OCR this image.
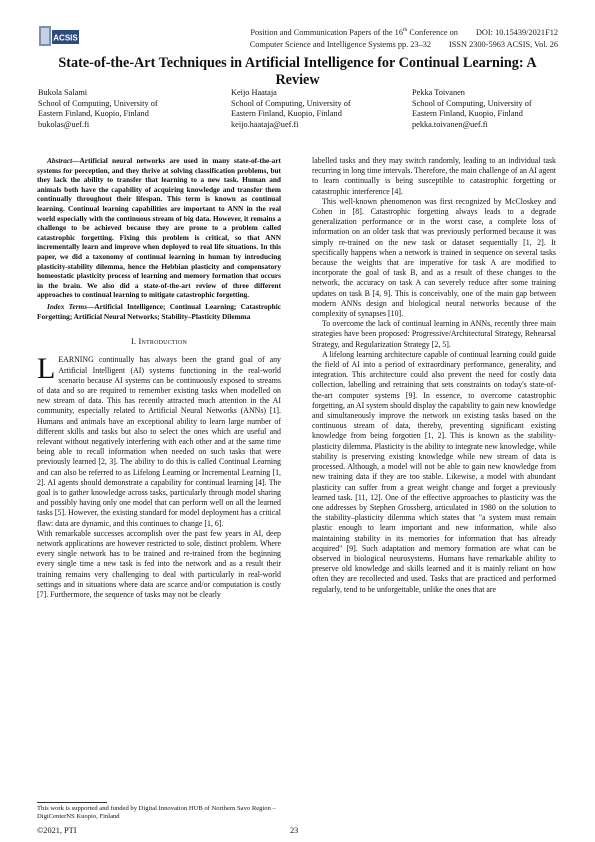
ACSIS
Position and Communication Papers of the 16th Conference on DOI: 10.15439/2021F12
Computer Science and Intelligence Systems pp. 23–32 ISSN 2300-5963 ACSIS, Vol. 26
State-of-the-Art Techniques in Artificial Intelligence for Continual Learning: A Review
Bukola Salami
School of Computing, University of
Eastern Finland, Kuopio, Finland
bukolas@uef.fi
Keijo Haataja
School of Computing, University of
Eastern Finland, Kuopio, Finland
keijo.haataja@uef.fi
Pekka Toivanen
School of Computing, University of
Eastern Finland, Kuopio, Finland
pekka.toivanen@uef.fi

Abstract—Artificial neural networks are used in many state-of-the-art systems for perception, and they thrive at solving classification problems, but they lack the ability to transfer that learning to a new task. Human and animals both have the capability of acquiring knowledge and transfer them continually throughout their lifespan. This term is known as continual learning. Continual learning capabilities are important to ANN in the real world especially with the continuous stream of big data. However, it remains a challenge to be achieved because they are prone to a problem called catastrophic forgetting. Fixing this problem is critical, so that ANN incrementally learn and improve when deployed to real life situations. In this paper, we did a taxonomy of continual learning in human by introducing plasticity-stability dilemma, hence the Hebbian plasticity and compensatory homeostatic plasticity process of learning and memory formation that occurs in the brain. We also did a state-of-the-art review of three different approaches to continual learning to mitigate catastrophic forgetting.

Index Terms—Artificial Intelligence; Continual Learning; Catastrophic Forgetting; Artificial Neural Networks; Stability–Plasticity Dilemma

I. Introduction

LEARNING continually has always been the grand goal of any Artificial Intelligent (AI) systems functioning in the real-world scenario because AI systems can be continuously exposed to streams of data and so are required to remember existing tasks when modelled on new stream of data. This has recently attracted much attention in the AI community, especially related to Artificial Neural Networks (ANNs) [1]. Humans and animals have an exceptional ability to learn large number of different skills and tasks but also to select the ones which are useful and relevant without negatively interfering with each other and at the same time being able to recall information when needed on such tasks that were previously learned [2, 3]. The ability to do this is called Continual Learning and can also be referred to as Lifelong Learning or Incremental Learning [1, 2]. AI agents should demonstrate a capability for continual learning [4]. The goal is to gather knowledge across tasks, particularly through model sharing and possibly having only one model that can perform well on all the learned tasks [5]. However, the existing standard for model deployment has a critical flaw: data are dynamic, and this continues to change [1, 6].

With remarkable successes accomplish over the past few years in AI, deep network applications are however restricted to sole, distinct problem. Where every single network has to be trained and re-trained from the beginning every single time a new task is fed into the network and as a result their training remains very challenging to deal with particularly in real-world settings and in situations where data are scarce and/or computation is costly [7]. Furthermore, the sequence of tasks may not be clearly

labelled tasks and they may switch randomly, leading to an individual task recurring in long time intervals. Therefore, the main challenge of an AI agent to learn continually is being susceptible to catastrophic forgetting or catastrophic interference [4].

This well-known phenomenon was first recognized by McCloskey and Cohen in [8]. Catastrophic forgetting always leads to a degrade generalization performance or in the worst case, a complete loss of information on an older task that was previously performed because it was simply re-trained on the new task or dataset sequentially [1, 2]. It specifically happens when a network is trained in sequence on several tasks because the weights that are imperative for task A are modified to incorporate the goal of task B, and as a result of these changes to the network, the accuracy on task A can severely reduce after some training updates on task B [4, 9]. This is conceivably, one of the main gap between modern ANNs design and biological neural networks because of the complexity of synapses [10].

To overcome the lack of continual learning in ANNs, recently three main strategies have been proposed: Progressive/Architectural Strategy, Rehearsal Strategy, and Regularization Strategy [2, 5].

A lifelong learning architecture capable of continual learning could guide the field of AI into a period of extraordinary performance, generality, and integration. This architecture could also prevent the need for costly data collection, labelling and retraining that sets constraints on today's state-of-the-art computer systems [9]. In essence, to overcome catastrophic forgetting, an AI system should display the capability to gain new knowledge and simultaneously improve the network on existing tasks based on the continuous stream of data, thereby, preventing significant existing knowledge from being forgotten [1, 2]. This is known as the stability-plasticity dilemma. Plasticity is the ability to integrate new knowledge, while stability is preserving existing knowledge while new stream of data is processed. Although, a model will not be able to gain new knowledge from new training data if they are too stable. Likewise, a model with abundant plasticity can suffer from a great weight change and forget a previously learned task. [11, 12]. One of the effective approaches to plasticity was the one addresses by Stephen Grossberg, articulated in 1980 on the solution to the stability–plasticity dilemma which states that "a system must remain plastic enough to learn important and new information, while also maintaining stability in its memories for information that has already acquired" [9]. Such adaptation and memory formation are what can be observed in biological neurosystems. Humans have remarkable ability to preserve old knowledge and skills learned and it is mainly reliant on how often they are recollected and used. Tasks that are practiced and performed regularly, tend to be unforgettable, unlike the ones that are

This work is supported and funded by Digital Innovation HUB of Northern Savo Region – DigiCenterNS Kuopio, Finland
©2021, PTI	23
